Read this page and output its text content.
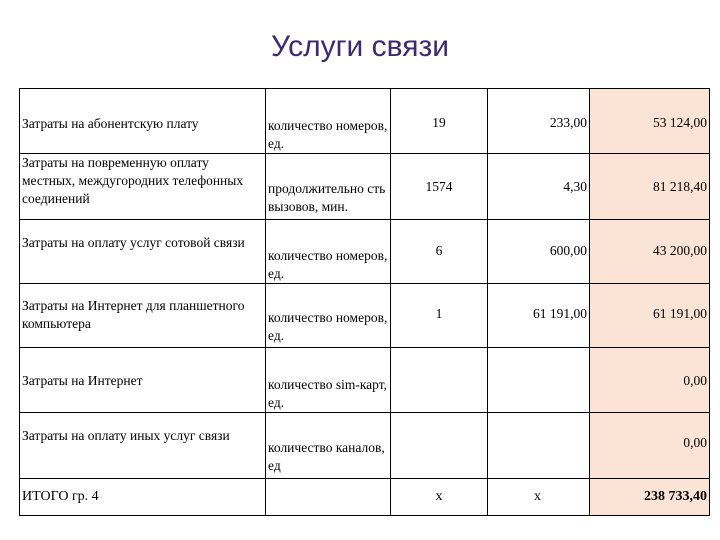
Услуги связи
Затраты на абонентскую плату	количество номеров, ед.	19	233,00	53 124,00

Затраты на повременную оплату местных, междугородних телефонных соединений	продолжительно сть вызовов, мин.	1574	4,30	81 218,40

Затраты на оплату услуг сотовой связи	количество номеров, ед.	6	600,00	43 200,00

Затраты на Интернет для планшетного компьютера	количество номеров, ед.	1	61 191,00	61 191,00

Затраты на Интернет	количество sim-карт, ед.			0,00

Затраты на оплату иных услуг связи	количество каналов, ед			0,00

ИТОГО гр. 4		х	х	238 733,40
